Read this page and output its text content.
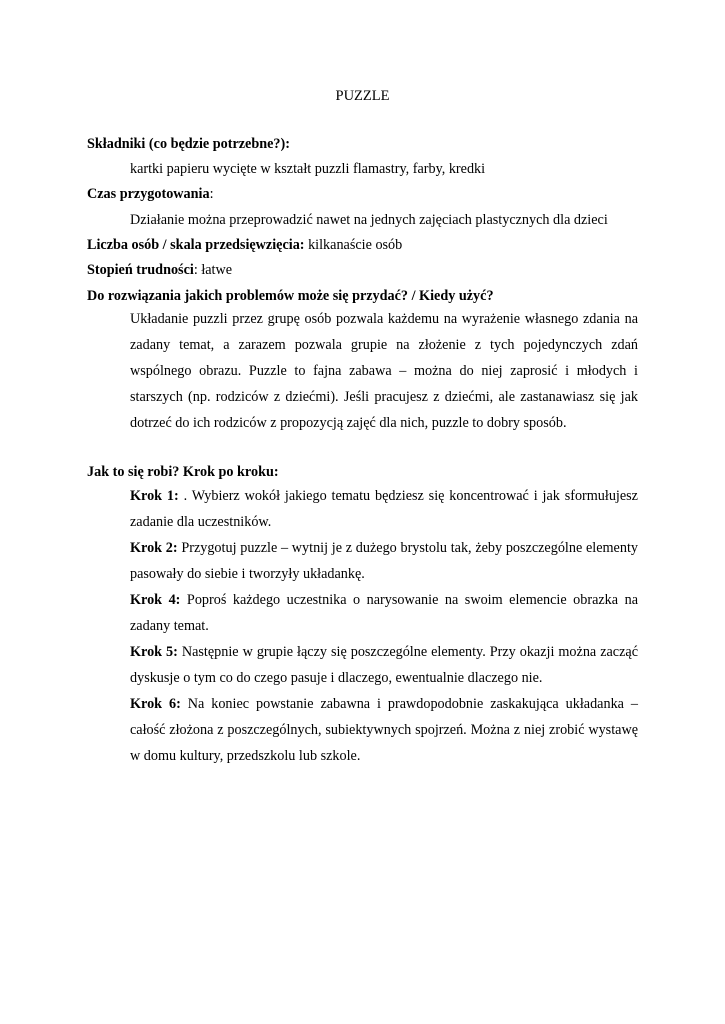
PUZZLE
Składniki (co będzie potrzebne?):
kartki papieru wycięte w kształt puzzli flamastry, farby, kredki
Czas przygotowania:
Działanie można przeprowadzić nawet na jednych zajęciach plastycznych dla dzieci
Liczba osób / skala przedsięwzięcia: kilkanaście osób
Stopień trudności: łatwe
Do rozwiązania jakich problemów może się przydać? / Kiedy użyć?

Układanie puzzli przez grupę osób pozwala każdemu na wyrażenie własnego zdania na zadany temat, a zarazem pozwala grupie na złożenie z tych pojedynczych zdań wspólnego obrazu. Puzzle to fajna zabawa – można do niej zaprosić i młodych i starszych (np. rodziców z dziećmi). Jeśli pracujesz z dziećmi, ale zastanawiasz się jak dotrzeć do ich rodziców z propozycją zajęć dla nich, puzzle to dobry sposób.

Jak to się robi? Krok po kroku:

Krok 1: . Wybierz wokół jakiego tematu będziesz się koncentrować i jak sformułujesz zadanie dla uczestników.

Krok 2: Przygotuj puzzle – wytnij je z dużego brystolu tak, żeby poszczególne elementy pasowały do siebie i tworzyły układankę.

Krok 4: Poproś każdego uczestnika o narysowanie na swoim elemencie obrazka na zadany temat.

Krok 5: Następnie w grupie łączy się poszczególne elementy. Przy okazji można zacząć dyskusje o tym co do czego pasuje i dlaczego, ewentualnie dlaczego nie.

Krok 6: Na koniec powstanie zabawna i prawdopodobnie zaskakująca układanka – całość złożona z poszczególnych, subiektywnych spojrzeń. Można z niej zrobić wystawę w domu kultury, przedszkolu lub szkole.
